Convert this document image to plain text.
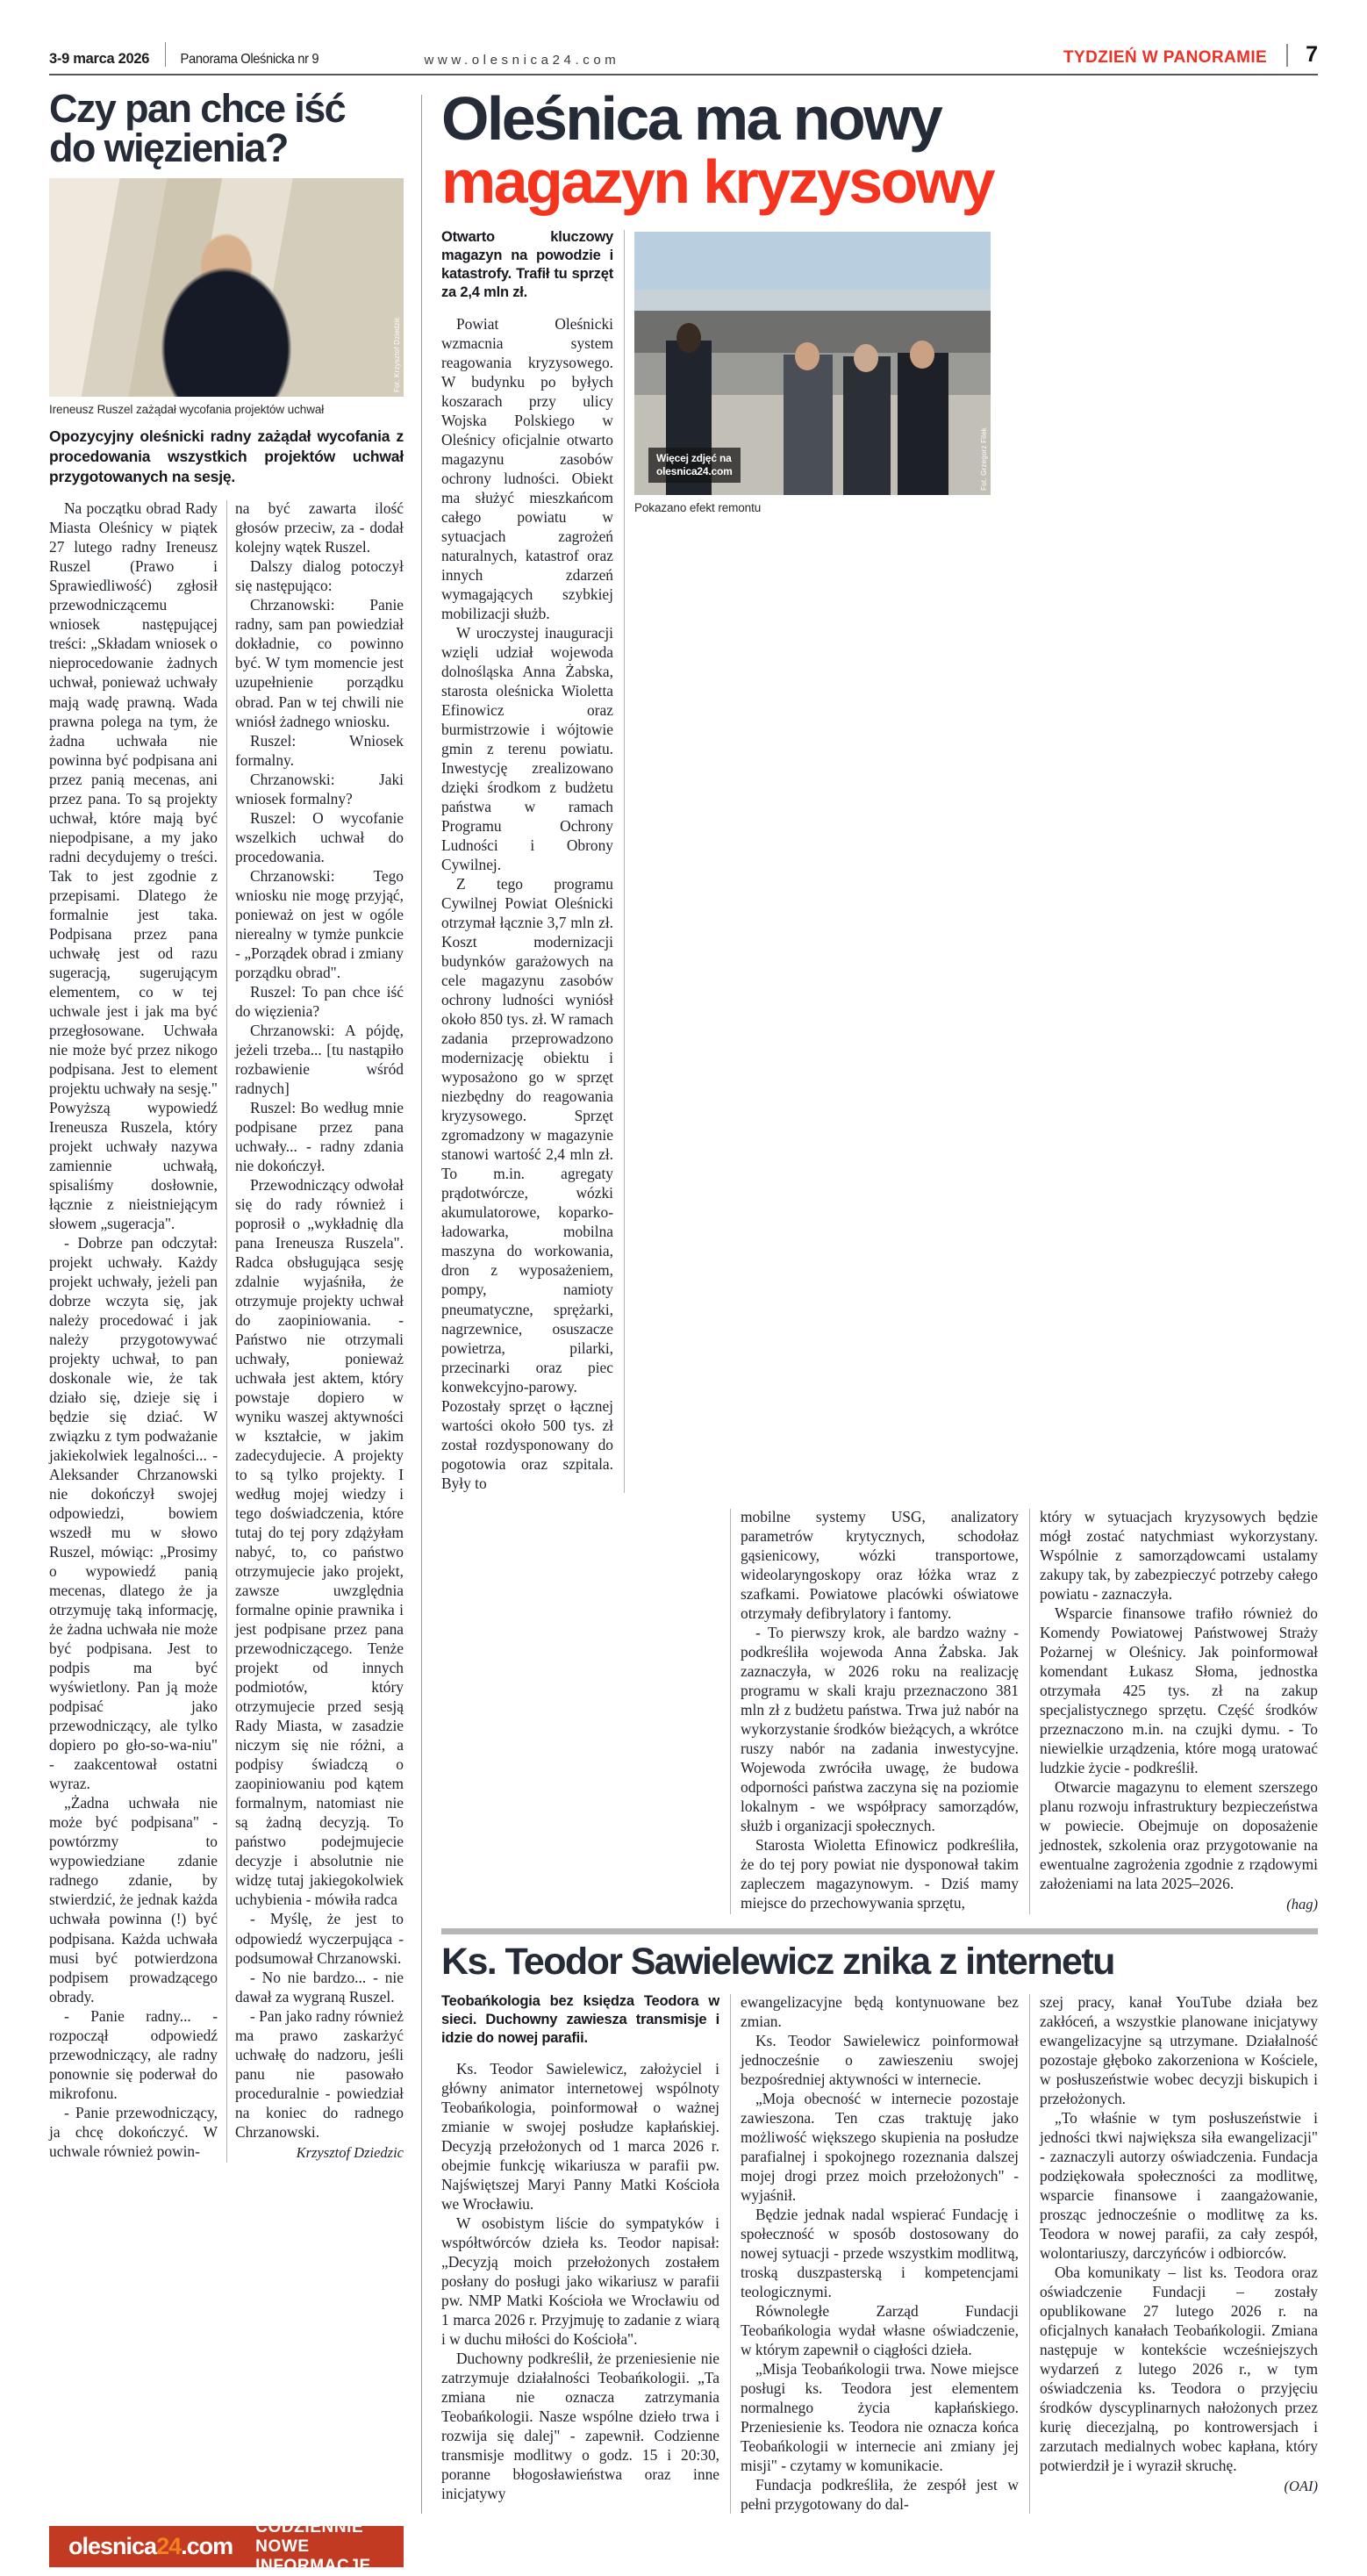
3-9 marca 2026	Panorama Oleśnicka nr 9	www.olesnica24.com	TYDZIEŃ W PANORAMIE 7
Czy pan chce iść
do więzienia?
Fot. Krzysztof Dziedzic
Ireneusz Ruszel zażądał wycofania projektów uchwał
Opozycyjny oleśnicki radny zażądał wycofania z procedowania wszystkich projektów uchwał przygotowanych na sesję.

Na początku obrad Rady Miasta Oleśnicy w piątek 27 lutego radny Ireneusz Ruszel (Prawo i Sprawiedliwość) zgłosił przewodniczącemu wniosek następującej treści: „Składam wniosek o nieprocedowanie żadnych uchwał, ponieważ uchwały mają wadę prawną. Wada prawna polega na tym, że żadna uchwała nie powinna być podpisana ani przez panią mecenas, ani przez pana. To są projekty uchwał, które mają być niepodpisane, a my jako radni decydujemy o treści. Tak to jest zgodnie z przepisami. Dlatego że formalnie jest taka. Podpisana przez pana uchwałę jest od razu sugeracją, sugerującym elementem, co w tej uchwale jest i jak ma być przegłosowane. Uchwała nie może być przez nikogo podpisana. Jest to element projektu uchwały na sesję." Powyższą wypowiedź Ireneusza Ruszela, który projekt uchwały nazywa zamiennie uchwałą, spisaliśmy dosłownie, łącznie z nieistniejącym słowem „sugeracja".

- Dobrze pan odczytał: projekt uchwały. Każdy projekt uchwały, jeżeli pan dobrze wczyta się, jak należy procedować i jak należy przygotowywać projekty uchwał, to pan doskonale wie, że tak działo się, dzieje się i będzie się dziać. W związku z tym podważanie jakiekolwiek legalności... - Aleksander Chrzanowski nie dokończył swojej odpowiedzi, bowiem wszedł mu w słowo Ruszel, mówiąc: „Prosimy o wypowiedź panią mecenas, dlatego że ja otrzymuję taką informację, że żadna uchwała nie może być podpisana. Jest to podpis ma być wyświetlony. Pan ją może podpisać jako przewodniczący, ale tylko dopiero po gło-so-wa-niu" - zaakcentował ostatni wyraz.

„Żadna uchwała nie może być podpisana" - powtórzmy to wypowiedziane zdanie radnego zdanie, by stwierdzić, że jednak każda uchwała powinna (!) być podpisana. Każda uchwała musi być potwierdzona podpisem prowadzącego obrady.

- Panie radny... - rozpoczął odpowiedź przewodniczący, ale radny ponownie się poderwał do mikrofonu.

- Panie przewodniczący, ja chcę dokończyć. W uchwale również powin-

na być zawarta ilość głosów przeciw, za - dodał kolejny wątek Ruszel.

Dalszy dialog potoczył się następująco:

Chrzanowski: Panie radny, sam pan powiedział dokładnie, co powinno być. W tym momencie jest uzupełnienie porządku obrad. Pan w tej chwili nie wniósł żadnego wniosku.

Ruszel: Wniosek formalny.

Chrzanowski: Jaki wniosek formalny?

Ruszel: O wycofanie wszelkich uchwał do procedowania.

Chrzanowski: Tego wniosku nie mogę przyjąć, ponieważ on jest w ogóle nierealny w tymże punkcie - „Porządek obrad i zmiany porządku obrad".

Ruszel: To pan chce iść do więzienia?

Chrzanowski: A pójdę, jeżeli trzeba... [tu nastąpiło rozbawienie wśród radnych]

Ruszel: Bo według mnie podpisane przez pana uchwały... - radny zdania nie dokończył.

Przewodniczący odwołał się do rady również i poprosił o „wykładnię dla pana Ireneusza Ruszela". Radca obsługująca sesję zdalnie wyjaśniła, że otrzymuje projekty uchwał do zaopiniowania. - Państwo nie otrzymali uchwały, ponieważ uchwała jest aktem, który powstaje dopiero w wyniku waszej aktywności w kształcie, w jakim zadecydujecie. A projekty to są tylko projekty. I według mojej wiedzy i tego doświadczenia, które tutaj do tej pory zdążyłam nabyć, to, co państwo otrzymujecie jako projekt, zawsze uwzględnia formalne opinie prawnika i jest podpisane przez pana przewodniczącego. Tenże projekt od innych podmiotów, który otrzymujecie przed sesją Rady Miasta, w zasadzie niczym się nie różni, a podpisy świadczą o zaopiniowaniu pod kątem formalnym, natomiast nie są żadną decyzją. To państwo podejmujecie decyzje i absolutnie nie widzę tutaj jakiegokolwiek uchybienia - mówiła radca

- Myślę, że jest to odpowiedź wyczerpująca - podsumował Chrzanowski.

- No nie bardzo... - nie dawał za wygraną Ruszel.

- Pan jako radny również ma prawo zaskarżyć uchwałę do nadzoru, jeśli panu nie pasowało proceduralnie - powiedział na koniec do radnego Chrzanowski.

Krzysztof Dziedzic
Oleśnica ma nowy
magazyn kryzysowy
Otwarto kluczowy magazyn na powodzie i katastrofy. Trafił tu sprzęt za 2,4 mln zł.

Powiat Oleśnicki wzmacnia system reagowania kryzysowego. W budynku po byłych koszarach przy ulicy Wojska Polskiego w Oleśnicy oficjalnie otwarto magazynu zasobów ochrony ludności. Obiekt ma służyć mieszkańcom całego powiatu w sytuacjach zagrożeń naturalnych, katastrof oraz innych zdarzeń wymagających szybkiej mobilizacji służb.

W uroczystej inauguracji wzięli udział wojewoda dolnośląska Anna Żabska, starosta oleśnicka Wioletta Efinowicz oraz burmistrzowie i wójtowie gmin z terenu powiatu. Inwestycję zrealizowano dzięki środkom z budżetu państwa w ramach Programu Ochrony Ludności i Obrony Cywilnej.

Z tego programu Cywilnej Powiat Oleśnicki otrzymał łącznie 3,7 mln zł. Koszt modernizacji budynków garażowych na cele magazynu zasobów ochrony ludności wyniósł około 850 tys. zł. W ramach zadania przeprowadzono modernizację obiektu i wyposażono go w sprzęt niezbędny do reagowania kryzysowego. Sprzęt zgromadzony w magazynie stanowi wartość 2,4 mln zł. To m.in. agregaty prądotwórcze, wózki akumulatorowe, koparko-ładowarka, mobilna maszyna do workowania, dron z wyposażeniem, pompy, namioty pneumatyczne, sprężarki, nagrzewnice, osuszacze powietrza, pilarki, przecinarki oraz piec konwekcyjno-parowy. Pozostały sprzęt o łącznej wartości około 500 tys. zł został rozdysponowany do pogotowia oraz szpitala. Były to

Więcej zdjęć na
olesnica24.com	Fot. Grzegorz Filek
Pokazano efekt remontu

mobilne systemy USG, analizatory parametrów krytycznych, schodołaz gąsienicowy, wózki transportowe, wideolaryngoskopy oraz łóżka wraz z szafkami. Powiatowe placówki oświatowe otrzymały defibrylatory i fantomy.

- To pierwszy krok, ale bardzo ważny - podkreśliła wojewoda Anna Żabska. Jak zaznaczyła, w 2026 roku na realizację programu w skali kraju przeznaczono 381 mln zł z budżetu państwa. Trwa już nabór na wykorzystanie środków bieżących, a wkrótce ruszy nabór na zadania inwestycyjne. Wojewoda zwróciła uwagę, że budowa odporności państwa zaczyna się na poziomie lokalnym - we współpracy samorządów, służb i organizacji społecznych.

Starosta Wioletta Efinowicz podkreśliła, że do tej pory powiat nie dysponował takim zapleczem magazynowym. - Dziś mamy miejsce do przechowywania sprzętu,

który w sytuacjach kryzysowych będzie mógł zostać natychmiast wykorzystany. Wspólnie z samorządowcami ustalamy zakupy tak, by zabezpieczyć potrzeby całego powiatu - zaznaczyła.

Wsparcie finansowe trafiło również do Komendy Powiatowej Państwowej Straży Pożarnej w Oleśnicy. Jak poinformował komendant Łukasz Słoma, jednostka otrzymała 425 tys. zł na zakup specjalistycznego sprzętu. Część środków przeznaczono m.in. na czujki dymu. - To niewielkie urządzenia, które mogą uratować ludzkie życie - podkreślił.

Otwarcie magazynu to element szerszego planu rozwoju infrastruktury bezpieczeństwa w powiecie. Obejmuje on doposażenie jednostek, szkolenia oraz przygotowanie na ewentualne zagrożenia zgodnie z rządowymi założeniami na lata 2025–2026.

(hag)
Ks. Teodor Sawielewicz znika z internetu
Teobańkologia bez księdza Teodora w sieci. Duchowny zawiesza transmisje i idzie do nowej parafii.

Ks. Teodor Sawielewicz, założyciel i główny animator internetowej wspólnoty Teobańkologia, poinformował o ważnej zmianie w swojej posłudze kapłańskiej. Decyzją przełożonych od 1 marca 2026 r. obejmie funkcję wikariusza w parafii pw. Najświętszej Maryi Panny Matki Kościoła we Wrocławiu.

W osobistym liście do sympatyków i współtwórców dzieła ks. Teodor napisał: „Decyzją moich przełożonych zostałem posłany do posługi jako wikariusz w parafii pw. NMP Matki Kościoła we Wrocławiu od 1 marca 2026 r. Przyjmuję to zadanie z wiarą i w duchu miłości do Kościoła".

Duchowny podkreślił, że przeniesienie nie zatrzymuje działalności Teobańkologii. „Ta zmiana nie oznacza zatrzymania Teobańkologii. Nasze wspólne dzieło trwa i rozwija się dalej" - zapewnił. Codzienne transmisje modlitwy o godz. 15 i 20:30, poranne błogosławieństwa oraz inne inicjatywy

ewangelizacyjne będą kontynuowane bez zmian.

Ks. Teodor Sawielewicz poinformował jednocześnie o zawieszeniu swojej bezpośredniej aktywności w internecie.

„Moja obecność w internecie pozostaje zawieszona. Ten czas traktuję jako możliwość większego skupienia na posłudze parafialnej i spokojnego rozeznania dalszej mojej drogi przez moich przełożonych" - wyjaśnił.

Będzie jednak nadal wspierać Fundację i społeczność w sposób dostosowany do nowej sytuacji - przede wszystkim modlitwą, troską duszpasterską i kompetencjami teologicznymi.

Równoległe Zarząd Fundacji Teobańkologia wydał własne oświadczenie, w którym zapewnił o ciągłości dzieła.

„Misja Teobańkologii trwa. Nowe miejsce posługi ks. Teodora jest elementem normalnego życia kapłańskiego. Przeniesienie ks. Teodora nie oznacza końca Teobańkologii w internecie ani zmiany jej misji" - czytamy w komunikacie.

Fundacja podkreśliła, że zespół jest w pełni przygotowany do dal-

szej pracy, kanał YouTube działa bez zakłóceń, a wszystkie planowane inicjatywy ewangelizacyjne są utrzymane. Działalność pozostaje głęboko zakorzeniona w Kościele, w posłuszeństwie wobec decyzji biskupich i przełożonych.

„To właśnie w tym posłuszeństwie i jedności tkwi największa siła ewangelizacji" - zaznaczyli autorzy oświadczenia. Fundacja podziękowała społeczności za modlitwę, wsparcie finansowe i zaangażowanie, prosząc jednocześnie o modlitwę za ks. Teodora w nowej parafii, za cały zespół, wolontariuszy, darczyńców i odbiorców.

Oba komunikaty – list ks. Teodora oraz oświadczenie Fundacji – zostały opublikowane 27 lutego 2026 r. na oficjalnych kanałach Teobańkologii. Zmiana następuje w kontekście wcześniejszych wydarzeń z lutego 2026 r., w tym oświadczenia ks. Teodora o przyjęciu środków dyscyplinarnych nałożonych przez kurię diecezjalną, po kontrowersjach i zarzutach medialnych wobec kapłana, który potwierdził je i wyraził skruchę.

(OAI)
olesnica24.com
CODZIENNIE NOWE INFORMACJE
